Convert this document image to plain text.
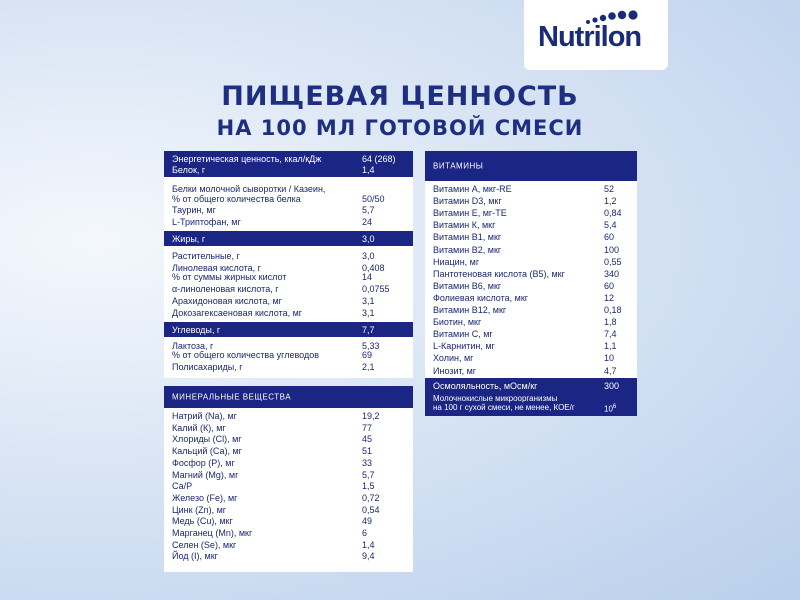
Nutrilon
ПИЩЕВАЯ ЦЕННОСТЬ
НА 100 МЛ ГОТОВОЙ СМЕСИ
Энергетическая ценность, ккал/кДж	64 (268)
Белок, г	1,4
Белки молочной сыворотки / Казеин,
% от общего количества белка	50/50
Таурин, мг	5,7
L-Триптофан, мг	24
Жиры, г	3,0
Растительные, г	3,0
Линолевая кислота, г	0,408
% от суммы жирных кислот	14
α-линоленовая кислота, г	0,0755
Арахидоновая кислота, мг	3,1
Докозагексаеновая кислота, мг	3,1
Углеводы, г	7,7
Лактоза, г	5,33
% от общего количества углеводов	69
Полисахариды, г	2,1
МИНЕРАЛЬНЫЕ ВЕЩЕСТВА
Натрий (Na), мг	19,2
Калий (К), мг	77
Хлориды (Cl), мг	45
Кальций (Са), мг	51
Фосфор (Р), мг	33
Магний (Mg), мг	5,7
Са/Р	1,5
Железо (Fe), мг	0,72
Цинк (Zn), мг	0,54
Медь (Cu), мкг	49
Марганец (Mn), мкг	6
Селен (Se), мкг	1,4
Йод (I), мкг	9,4
ВИТАМИНЫ
Витамин А, мкг-RE	52
Витамин D3, мкг	1,2
Витамин Е, мг-ТЕ	0,84
Витамин К, мкг	5,4
Витамин В1, мкг	60
Витамин В2, мкг	100
Ниацин, мг	0,55
Пантотеновая кислота (В5), мкг	340
Витамин В6, мкг	60
Фолиевая кислота, мкг	12
Витамин В12, мкг	0,18
Биотин, мкг	1,8
Витамин С, мг	7,4
L-Карнитин, мг	1,1
Холин, мг	10
Инозит, мг	4,7
Осмоляльность, мОсм/кг	300
Молочнокислые микроорганизмы
на 100 г сухой смеси, не менее, КОЕ/г	$10^6$
